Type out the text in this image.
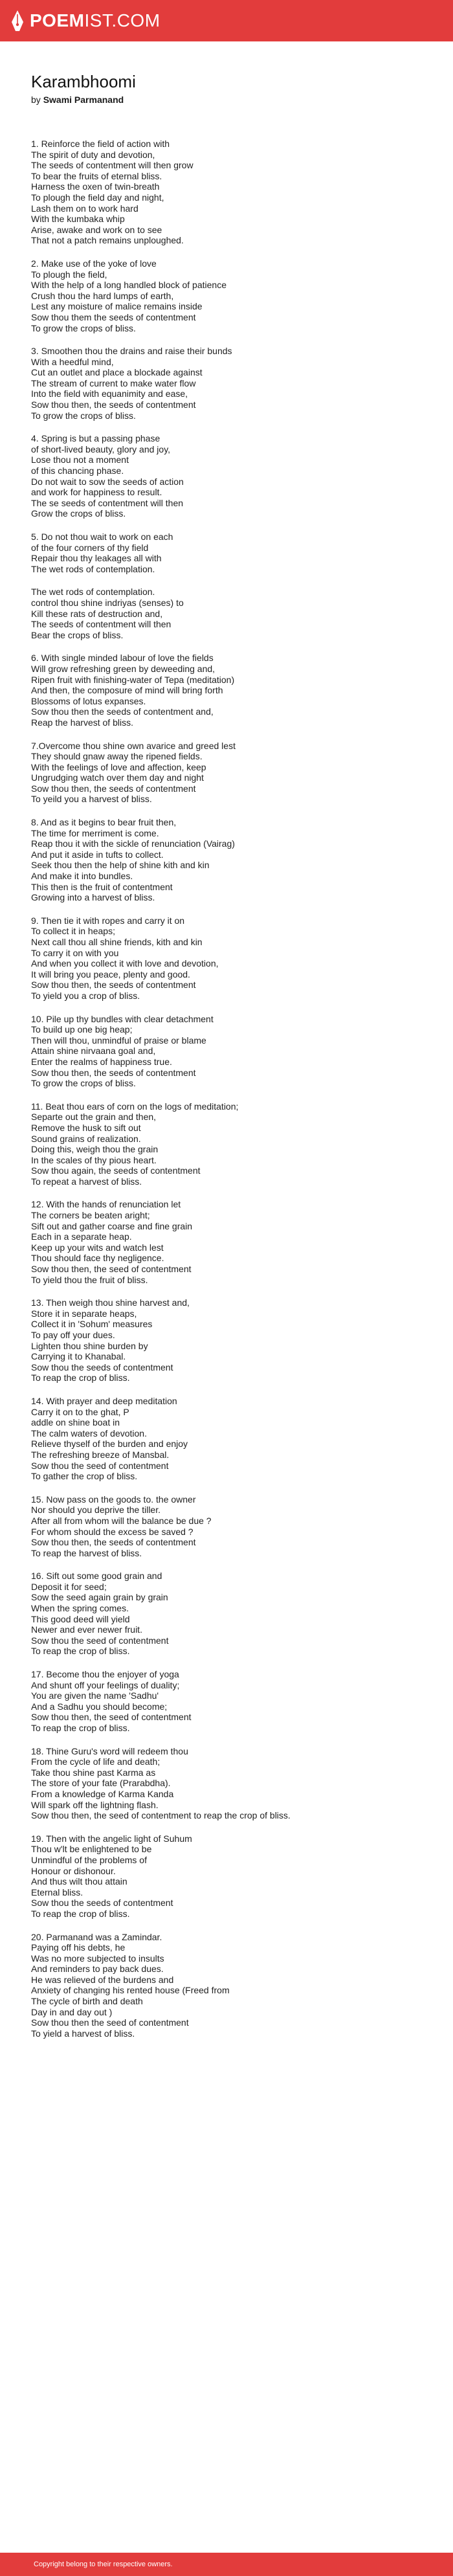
POEMIST.COM
Karambhoomi
by Swami Parmanand

1. Reinforce the field of action with
The spirit of duty and devotion,
The seeds of contentment will then grow
To bear the fruits of eternal bliss.
Harness the oxen of twin-breath
To plough the field day and night,
Lash them on to work hard
With the kumbaka whip
Arise, awake and work on to see
That not a patch remains unploughed.

2. Make use of the yoke of love
To plough the field,
With the help of a long handled block of patience
Crush thou the hard lumps of earth,
Lest any moisture of malice remains inside
Sow thou them the seeds of contentment
To grow the crops of bliss.

3. Smoothen thou the drains and raise their bunds
With a heedful mind,
Cut an outlet and place a blockade against
The stream of current to make water flow
Into the field with equanimity and ease,
Sow thou then, the seeds of contentment
To grow the crops of bliss.

4. Spring is but a passing phase
of short-lived beauty, glory and joy,
Lose thou not a moment
of this chancing phase.
Do not wait to sow the seeds of action
and work for happiness to result.
The se seeds of contentment will then
Grow the crops of bliss.

5. Do not thou wait to work on each
of the four corners of thy field
Repair thou thy leakages all with
The wet rods of contemplation.

The wet rods of contemplation.
control thou shine indriyas (senses) to
Kill these rats of destruction and,
The seeds of contentment will then
Bear the crops of bliss.

6. With single minded labour of love the fields
Will grow refreshing green by deweeding and,
Ripen fruit with finishing-water of Tepa (meditation)
And then, the composure of mind will bring forth
Blossoms of lotus expanses.
Sow thou then the seeds of contentment and,
Reap the harvest of bliss.

7.Overcome thou shine own avarice and greed lest
They should gnaw away the ripened fields.
With the feelings of love and affection, keep
Ungrudging watch over them day and night
Sow thou then, the seeds of contentment
To yeild you a harvest of bliss.

8. And as it begins to bear fruit then,
The time for merriment is come.
Reap thou it with the sickle of renunciation (Vairag)
And put it aside in tufts to collect.
Seek thou then the help of shine kith and kin
And make it into bundles.
This then is the fruit of contentment
Growing into a harvest of bliss.

9. Then tie it with ropes and carry it on
To collect it in heaps;
Next call thou all shine friends, kith and kin
To carry it on with you
And when you collect it with love and devotion,
It will bring you peace, plenty and good.
Sow thou then, the seeds of contentment
To yield you a crop of bliss.

10. Pile up thy bundles with clear detachment
To build up one big heap;
Then will thou, unmindful of praise or blame
Attain shine nirvaana goal and,
Enter the realms of happiness true.
Sow thou then, the seeds of contentment
To grow the crops of bliss.

11. Beat thou ears of corn on the logs of meditation;
Separte out the grain and then,
Remove the husk to sift out
Sound grains of realization.
Doing this, weigh thou the grain
In the scales of thy pious heart.
Sow thou again, the seeds of contentment
To repeat a harvest of bliss.

12. With the hands of renunciation let
The corners be beaten aright;
Sift out and gather coarse and fine grain
Each in a separate heap.
Keep up your wits and watch lest
Thou should face thy negligence.
Sow thou then, the seed of contentment
To yield thou the fruit of bliss.

13. Then weigh thou shine harvest and,
Store it in separate heaps,
Collect it in 'Sohum' measures
To pay off your dues.
Lighten thou shine burden by
Carrying it to Khanabal.
Sow thou the seeds of contentment
To reap the crop of bliss.

14. With prayer and deep meditation
Carry it on to the ghat, P
addle on shine boat in
The calm waters of devotion.
Relieve thyself of the burden and enjoy
The refreshing breeze of Mansbal.
Sow thou the seed of contentment
To gather the crop of bliss.

15. Now pass on the goods to. the owner
Nor should you deprive the tiller.
After all from whom will the balance be due ?
For whom should the excess be saved ?
Sow thou then, the seeds of contentment
To reap the harvest of bliss.

16. Sift out some good grain and
Deposit it for seed;
Sow the seed again grain by grain
When the spring comes.
This good deed will yield
Newer and ever newer fruit.
Sow thou the seed of contentment
To reap the crop of bliss.

17. Become thou the enjoyer of yoga
And shunt off your feelings of duality;
You are given the name 'Sadhu'
And a Sadhu you should become;
Sow thou then, the seed of contentment
To reap the crop of bliss.

18. Thine Guru's word will redeem thou
From the cycle of life and death;
Take thou shine past Karma as
The store of your fate (Prarabdha).
From a knowledge of Karma Kanda
Will spark off the lightning flash.
Sow thou then, the seed of contentment to reap the crop of bliss.

19. Then with the angelic light of Suhum
Thou w'lt be enlightened to be
Unmindful of the problems of
Honour or dishonour.
And thus wilt thou attain
Eternal bliss.
Sow thou the seeds of contentment
To reap the crop of bliss.

20. Parmanand was a Zamindar.
Paying off his debts, he
Was no more subjected to insults
And reminders to pay back dues.
He was relieved of the burdens and
Anxiety of changing his rented house (Freed from
The cycle of birth and death
Day in and day out )
Sow thou then the seed of contentment
To yield a harvest of bliss.

Copyright belong to their respective owners.
